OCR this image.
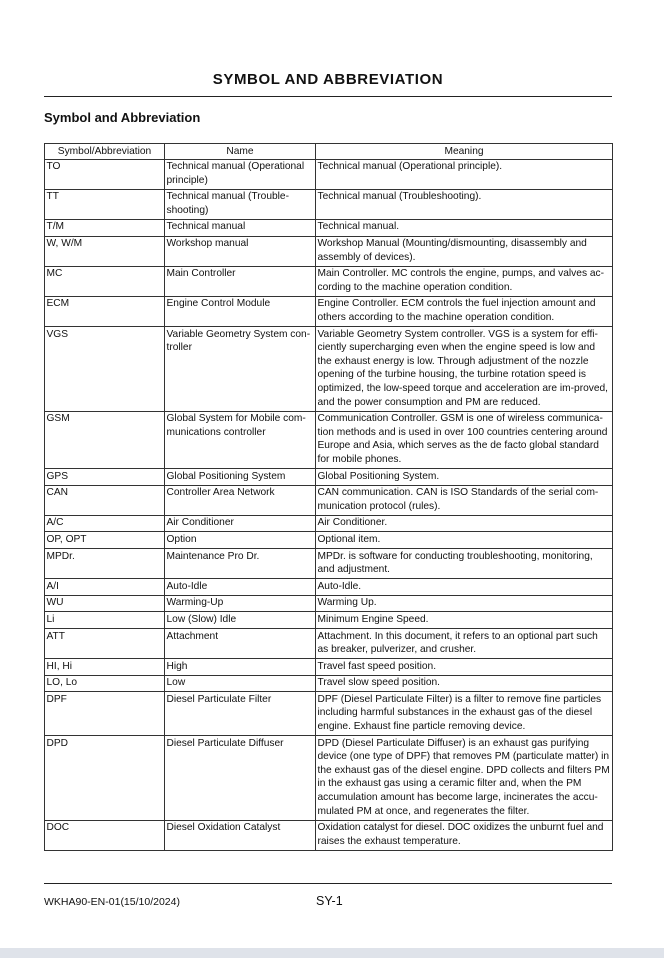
SYMBOL AND ABBREVIATION
Symbol and Abbreviation
Symbol/Abbreviation	Name	Meaning
TO	Technical manual (Operational principle)	Technical manual (Operational principle).
TT	Technical manual (Trouble-shooting)	Technical manual (Troubleshooting).
T/M	Technical manual	Technical manual.
W, W/M	Workshop manual	Workshop Manual (Mounting/dismounting, disassembly and assembly of devices).
MC	Main Controller	Main Controller. MC controls the engine, pumps, and valves ac-cording to the machine operation condition.
ECM	Engine Control Module	Engine Controller. ECM controls the fuel injection amount and others according to the machine operation condition.
VGS	Variable Geometry System con-troller	Variable Geometry System controller. VGS is a system for effi-ciently supercharging even when the engine speed is low and the exhaust energy is low. Through adjustment of the nozzle opening of the turbine housing, the turbine rotation speed is optimized, the low-speed torque and acceleration are im-proved, and the power consumption and PM are reduced.
GSM	Global System for Mobile com-munications controller	Communication Controller. GSM is one of wireless communica-tion methods and is used in over 100 countries centering around Europe and Asia, which serves as the de facto global standard for mobile phones.
GPS	Global Positioning System	Global Positioning System.
CAN	Controller Area Network	CAN communication. CAN is ISO Standards of the serial com-munication protocol (rules).
A/C	Air Conditioner	Air Conditioner.
OP, OPT	Option	Optional item.
MPDr.	Maintenance Pro Dr.	MPDr. is software for conducting troubleshooting, monitoring, and adjustment.
A/I	Auto-Idle	Auto-Idle.
WU	Warming-Up	Warming Up.
Li	Low (Slow) Idle	Minimum Engine Speed.
ATT	Attachment	Attachment. In this document, it refers to an optional part such as breaker, pulverizer, and crusher.
HI, Hi	High	Travel fast speed position.
LO, Lo	Low	Travel slow speed position.
DPF	Diesel Particulate Filter	DPF (Diesel Particulate Filter) is a filter to remove fine particles including harmful substances in the exhaust gas of the diesel engine. Exhaust fine particle removing device.
DPD	Diesel Particulate Diffuser	DPD (Diesel Particulate Diffuser) is an exhaust gas purifying device (one type of DPF) that removes PM (particulate matter) in the exhaust gas of the diesel engine. DPD collects and filters PM in the exhaust gas using a ceramic filter and, when the PM accumulation amount has become large, incinerates the accu-mulated PM at once, and regenerates the filter.
DOC	Diesel Oxidation Catalyst	Oxidation catalyst for diesel. DOC oxidizes the unburnt fuel and raises the exhaust temperature.
WKHA90-EN-01(15/10/2024)	SY-1
